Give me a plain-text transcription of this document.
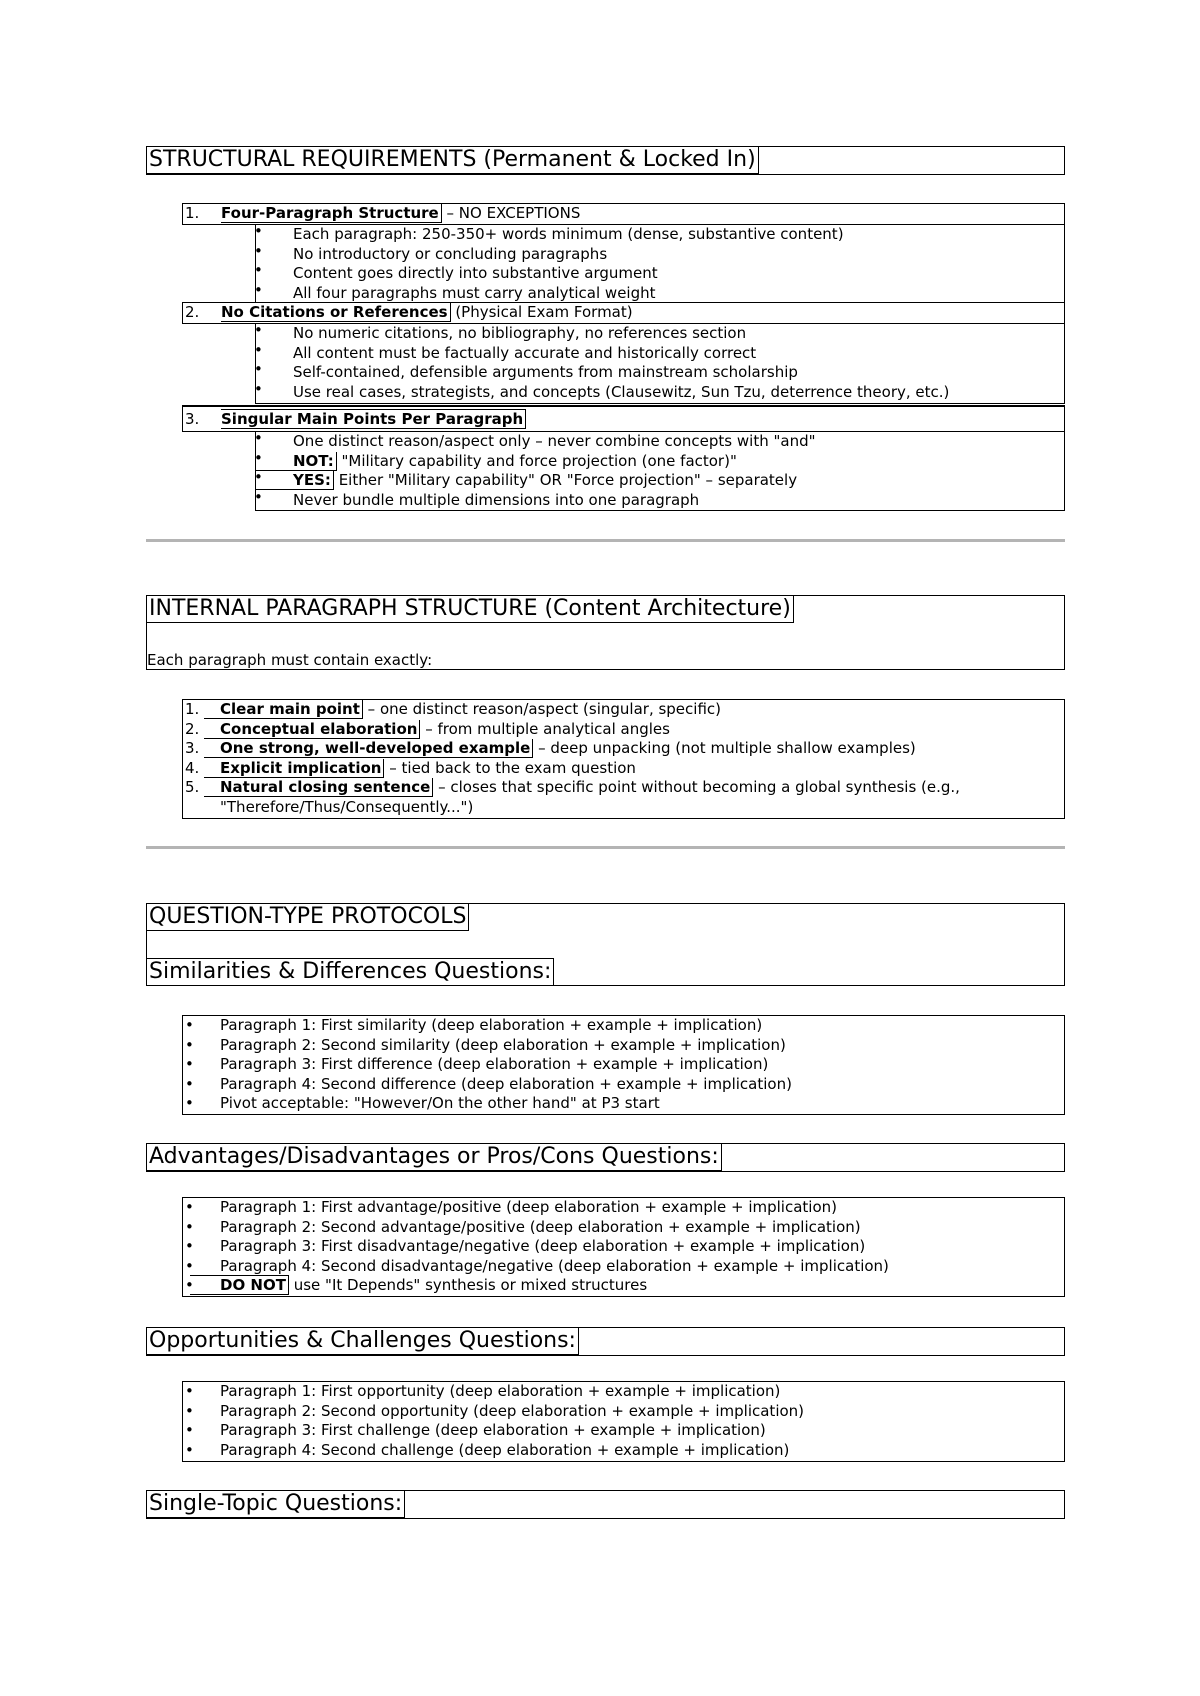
STRUCTURAL REQUIREMENTS (Permanent & Locked In)
1. Four-Paragraph Structure – NO EXCEPTIONS
• Each paragraph: 250-350+ words minimum (dense, substantive content)
• No introductory or concluding paragraphs
• Content goes directly into substantive argument
• All four paragraphs must carry analytical weight
2. No Citations or References (Physical Exam Format)
• No numeric citations, no bibliography, no references section
• All content must be factually accurate and historically correct
• Self-contained, defensible arguments from mainstream scholarship
• Use real cases, strategists, and concepts (Clausewitz, Sun Tzu, deterrence theory, etc.)
3. Singular Main Points Per Paragraph
• One distinct reason/aspect only – never combine concepts with "and"
• NOT: "Military capability and force projection (one factor)"
• YES: Either "Military capability" OR "Force projection" – separately
• Never bundle multiple dimensions into one paragraph
INTERNAL PARAGRAPH STRUCTURE (Content Architecture)
Each paragraph must contain exactly:
1. Clear main point – one distinct reason/aspect (singular, specific)
2. Conceptual elaboration – from multiple analytical angles
3. One strong, well-developed example – deep unpacking (not multiple shallow examples)
4. Explicit implication – tied back to the exam question
5. Natural closing sentence – closes that specific point without becoming a global synthesis (e.g.,
"Therefore/Thus/Consequently...")
QUESTION-TYPE PROTOCOLS
Similarities & Differences Questions:
• Paragraph 1: First similarity (deep elaboration + example + implication)
• Paragraph 2: Second similarity (deep elaboration + example + implication)
• Paragraph 3: First difference (deep elaboration + example + implication)
• Paragraph 4: Second difference (deep elaboration + example + implication)
• Pivot acceptable: "However/On the other hand" at P3 start
Advantages/Disadvantages or Pros/Cons Questions:
• Paragraph 1: First advantage/positive (deep elaboration + example + implication)
• Paragraph 2: Second advantage/positive (deep elaboration + example + implication)
• Paragraph 3: First disadvantage/negative (deep elaboration + example + implication)
• Paragraph 4: Second disadvantage/negative (deep elaboration + example + implication)
• DO NOT use "It Depends" synthesis or mixed structures
Opportunities & Challenges Questions:
• Paragraph 1: First opportunity (deep elaboration + example + implication)
• Paragraph 2: Second opportunity (deep elaboration + example + implication)
• Paragraph 3: First challenge (deep elaboration + example + implication)
• Paragraph 4: Second challenge (deep elaboration + example + implication)
Single-Topic Questions:
